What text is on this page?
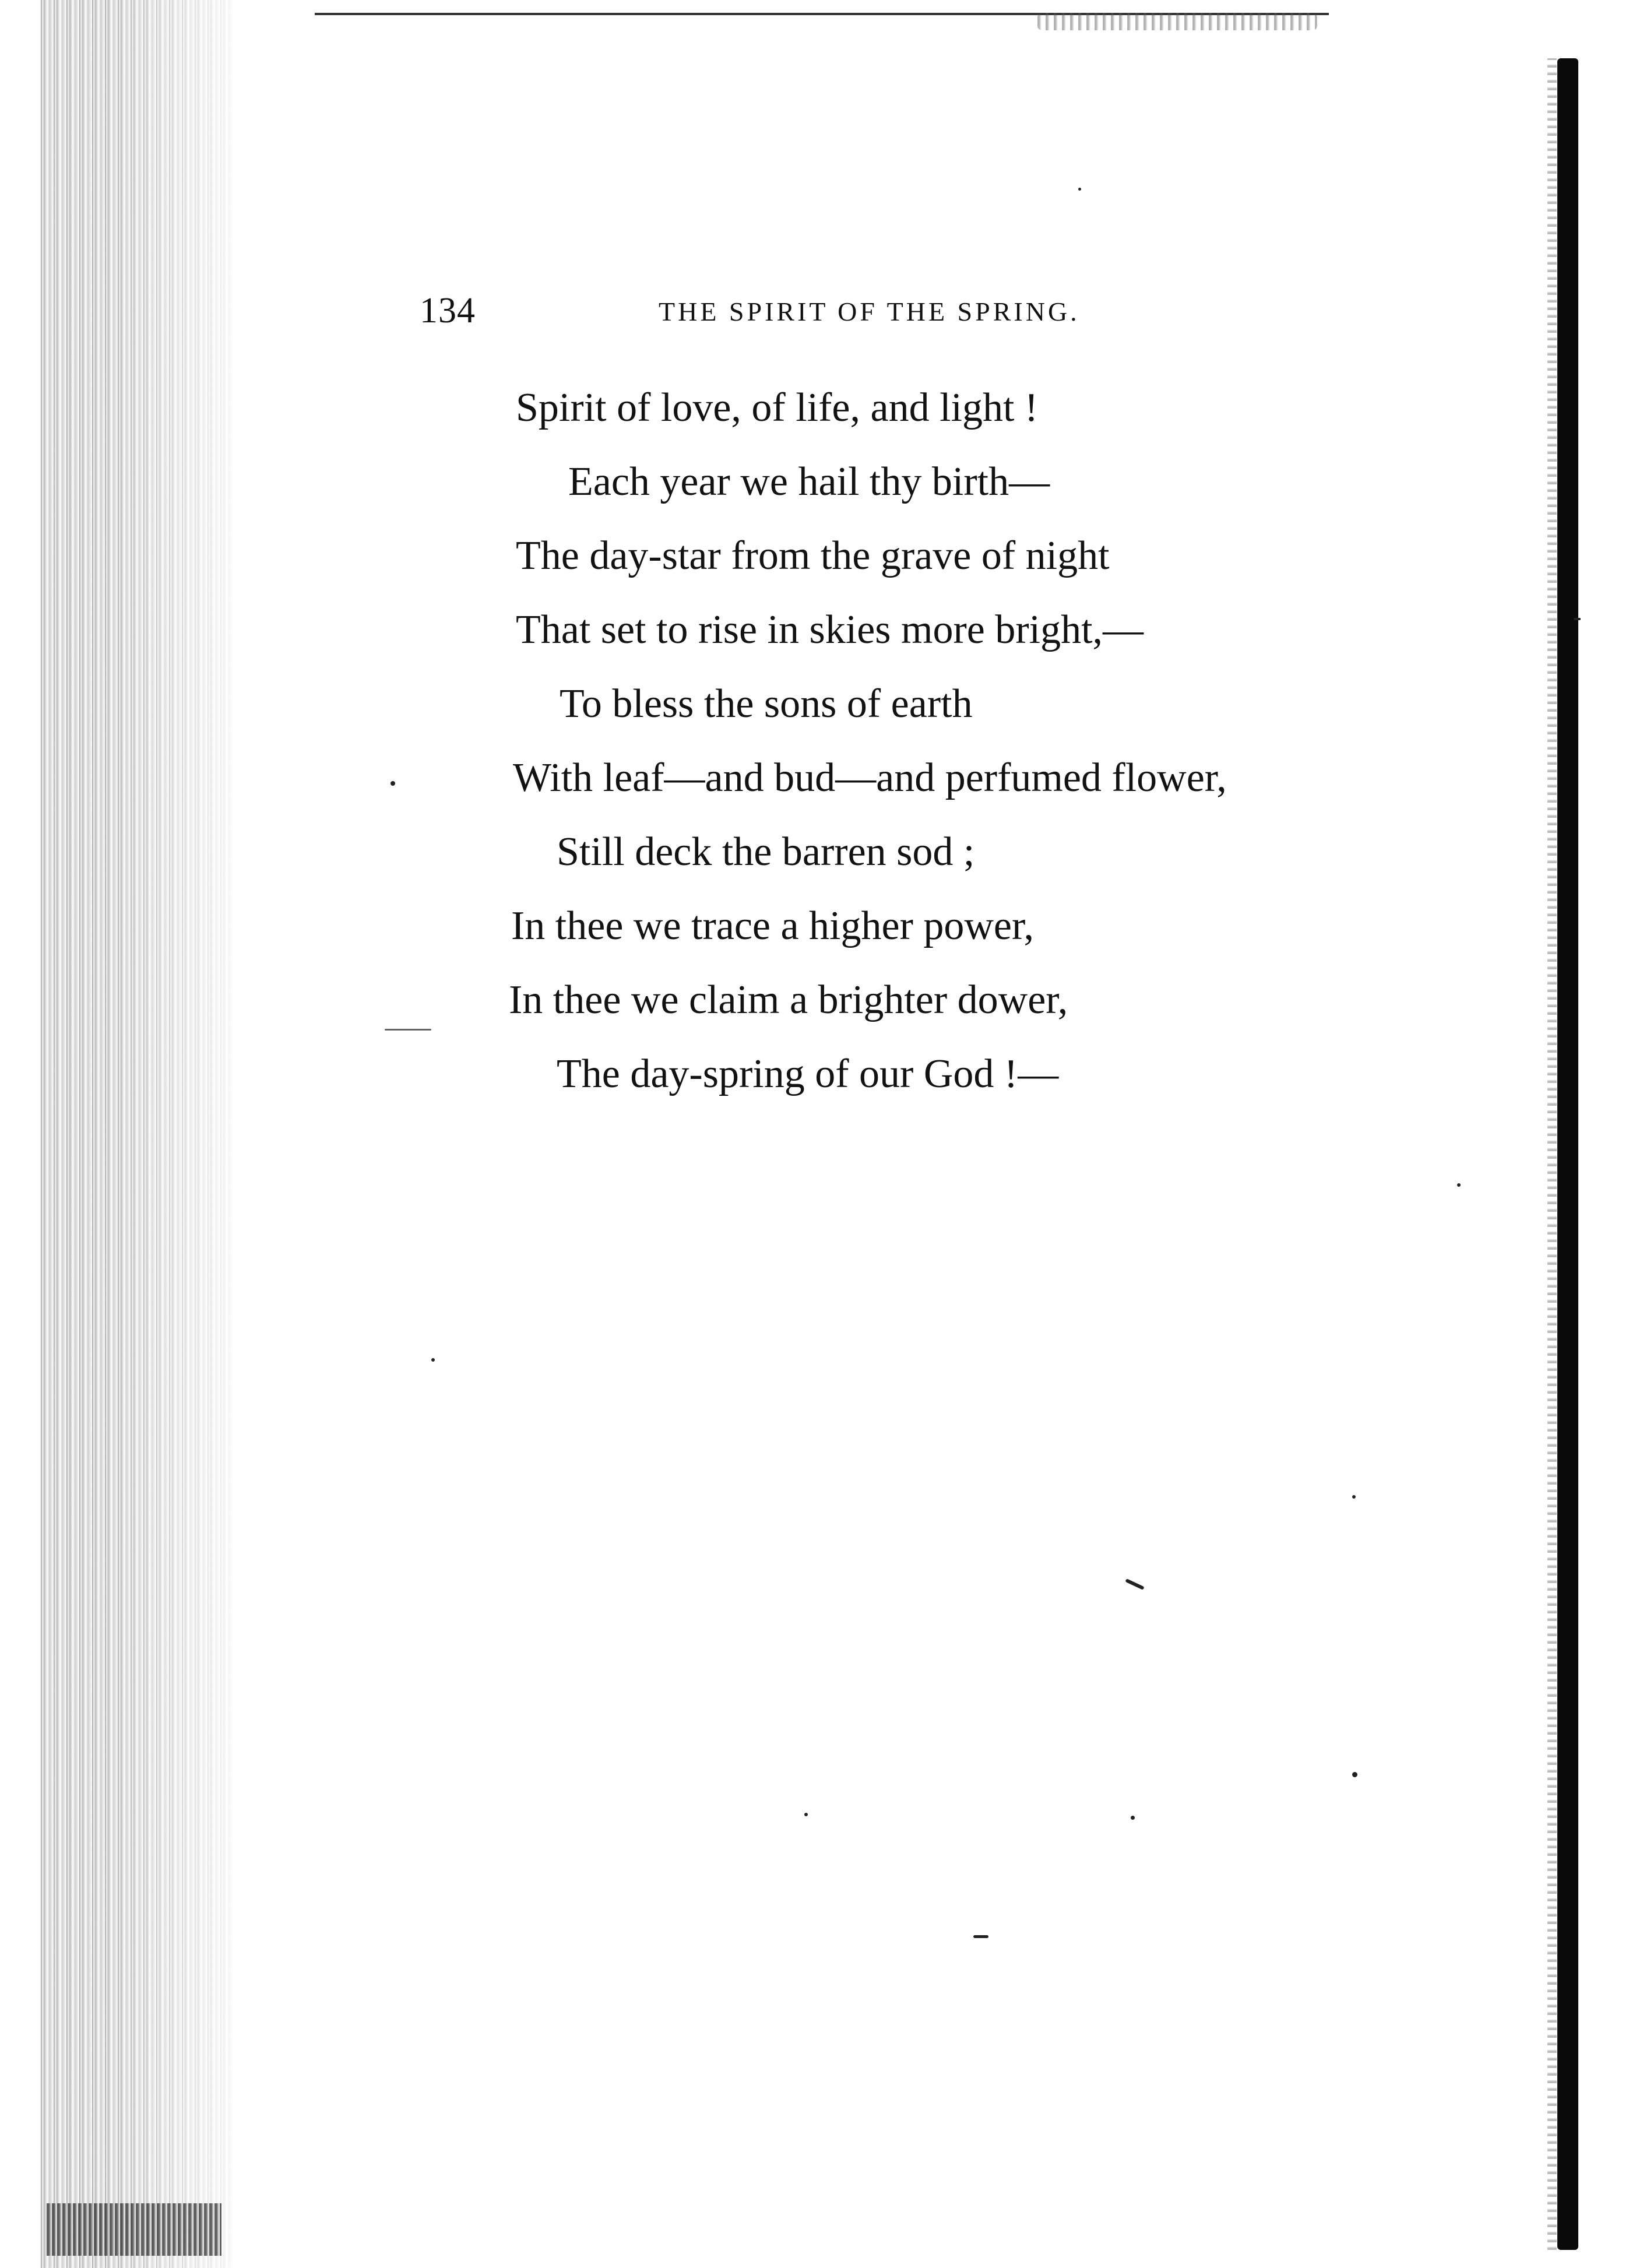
134	THE SPIRIT OF THE SPRING.
Spirit of love, of life, and light !
Each year we hail thy birth—
The day-star from the grave of night
That set to rise in skies more bright,—
To bless the sons of earth
With leaf—and bud—and perfumed flower,
Still deck the barren sod ;
In thee we trace a higher power,
In thee we claim a brighter dower,
The day-spring of our God !—
